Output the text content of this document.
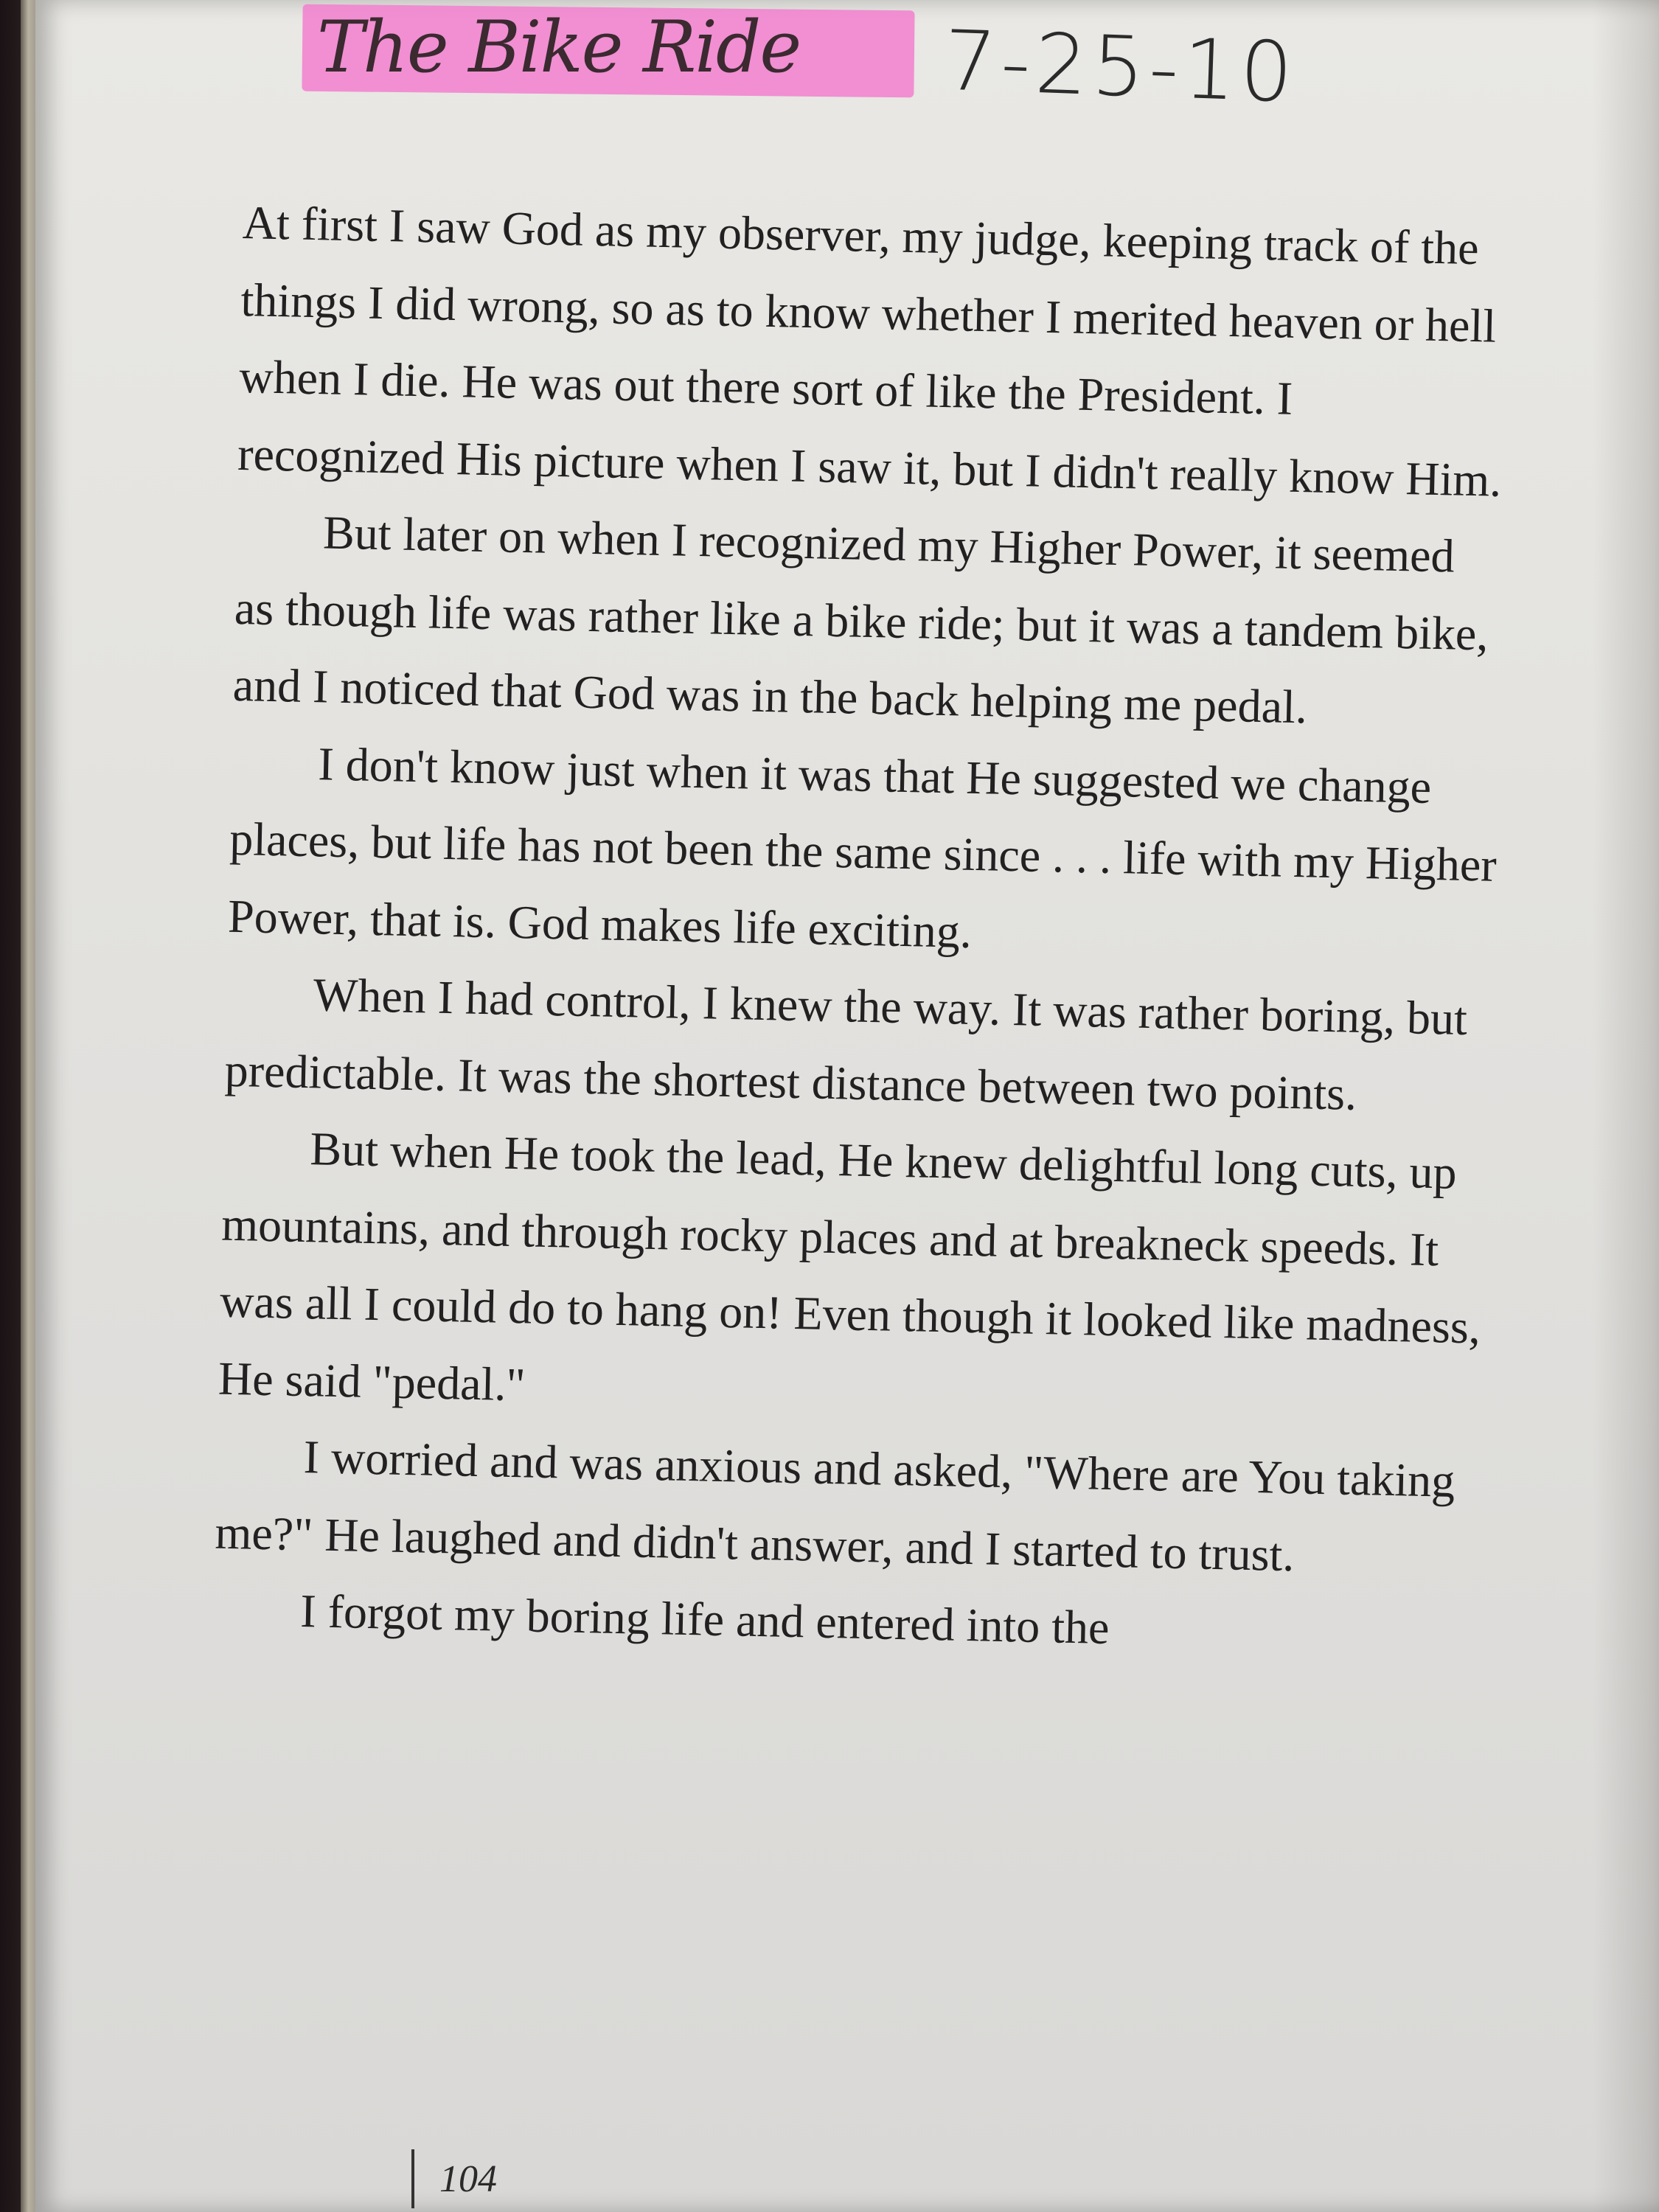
The Bike Ride 7-25-10

At first I saw God as my observer, my judge, keeping track of the things I did wrong, so as to know whether I merited heaven or hell when I die. He was out there sort of like the President. I recognized His picture when I saw it, but I didn't really know Him.

But later on when I recognized my Higher Power, it seemed as though life was rather like a bike ride; but it was a tandem bike, and I noticed that God was in the back helping me pedal.

I don't know just when it was that He suggested we change places, but life has not been the same since . . . life with my Higher Power, that is. God makes life exciting.

When I had control, I knew the way. It was rather boring, but predictable. It was the shortest distance between two points.

But when He took the lead, He knew delightful long cuts, up mountains, and through rocky places and at breakneck speeds. It was all I could do to hang on! Even though it looked like madness, He said "pedal."

I worried and was anxious and asked, "Where are You taking me?" He laughed and didn't answer, and I started to trust.

I forgot my boring life and entered into the

104
